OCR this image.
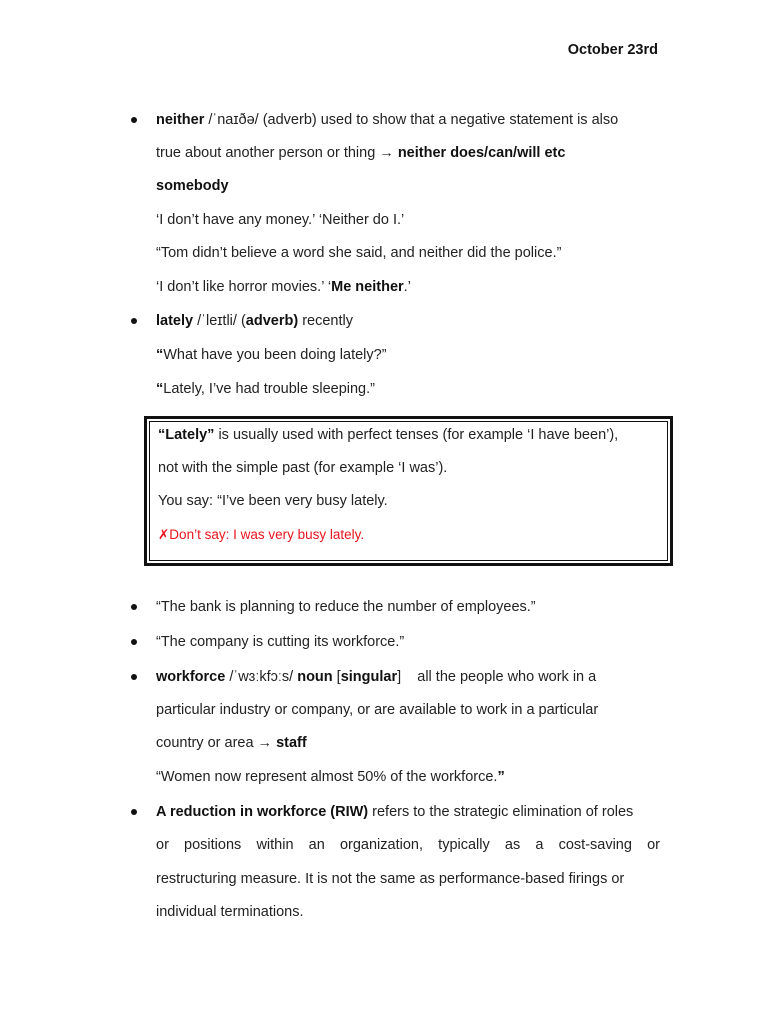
October 23rd
neither /ˈnaɪðə/ (adverb) used to show that a negative statement is also
true about another person or thing → neither does/can/will etc
somebody
‘I don’t have any money.’ ‘Neither do I.’
“Tom didn’t believe a word she said, and neither did the police.”
‘I don’t like horror movies.’ ‘Me neither.’
lately /ˈleɪtli/ (adverb) recently
“What have you been doing lately?”
“Lately, I’ve had trouble sleeping.”
“Lately” is usually used with perfect tenses (for example ‘I have been’),
not with the simple past (for example ‘I was’).
You say: “I’ve been very busy lately.
✗Don’t say: I was very busy lately.
“The bank is planning to reduce the number of employees.”
“The company is cutting its workforce.”
workforce /ˈwɜːkfɔːs/ noun [singular]    all the people who work in a
particular industry or company, or are available to work in a particular
country or area → staff
“Women now represent almost 50% of the workforce.”
A reduction in workforce (RIW) refers to the strategic elimination of roles
or positions within an organization, typically as a cost-saving or
restructuring measure. It is not the same as performance-based firings or
individual terminations.
